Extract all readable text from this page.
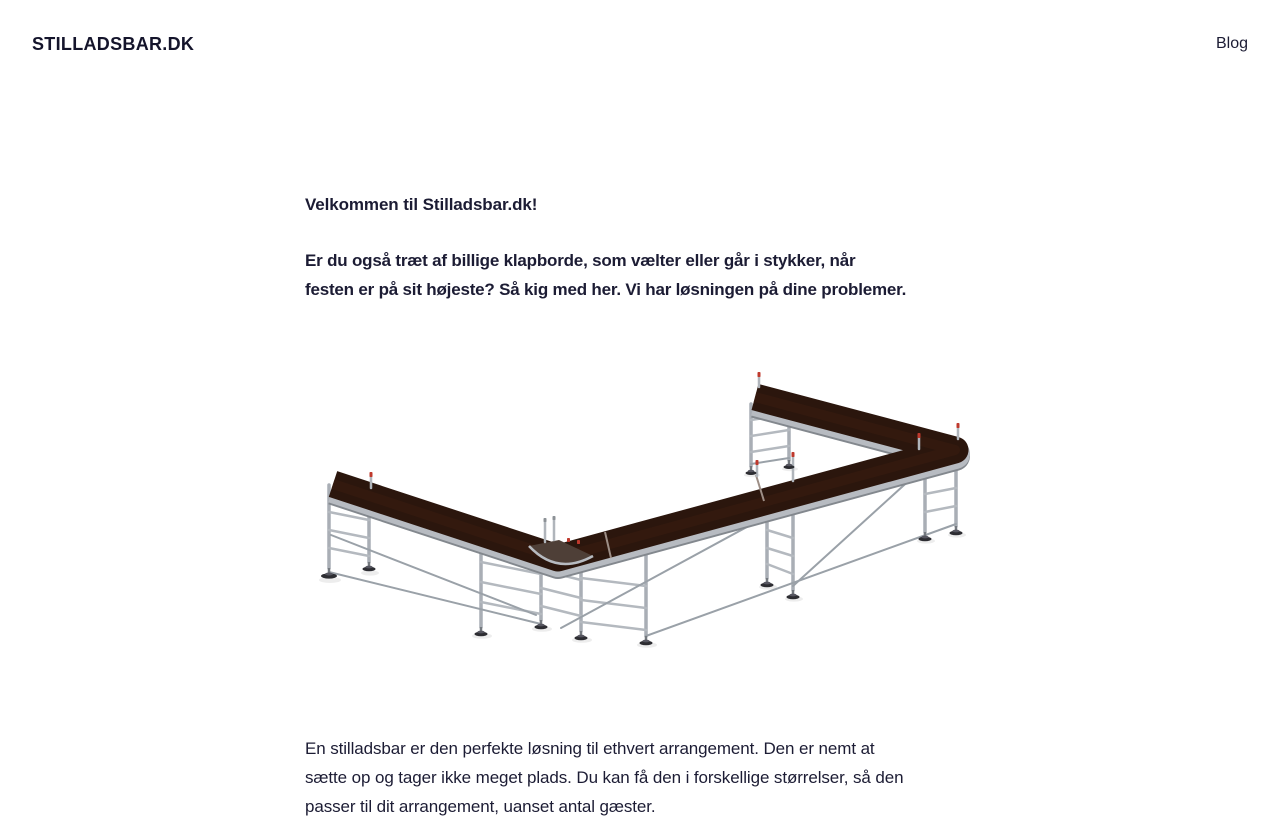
STILLADSBAR.DK	Blog
Velkommen til Stilladsbar.dk!

Er du også træt af billige klapborde, som vælter eller går i stykker, når
festen er på sit højeste? Så kig med her. Vi har løsningen på dine problemer.

En stilladsbar er den perfekte løsning til ethvert arrangement. Den er nemt at
sætte op og tager ikke meget plads. Du kan få den i forskellige størrelser, så den
passer til dit arrangement, uanset antal gæster.
